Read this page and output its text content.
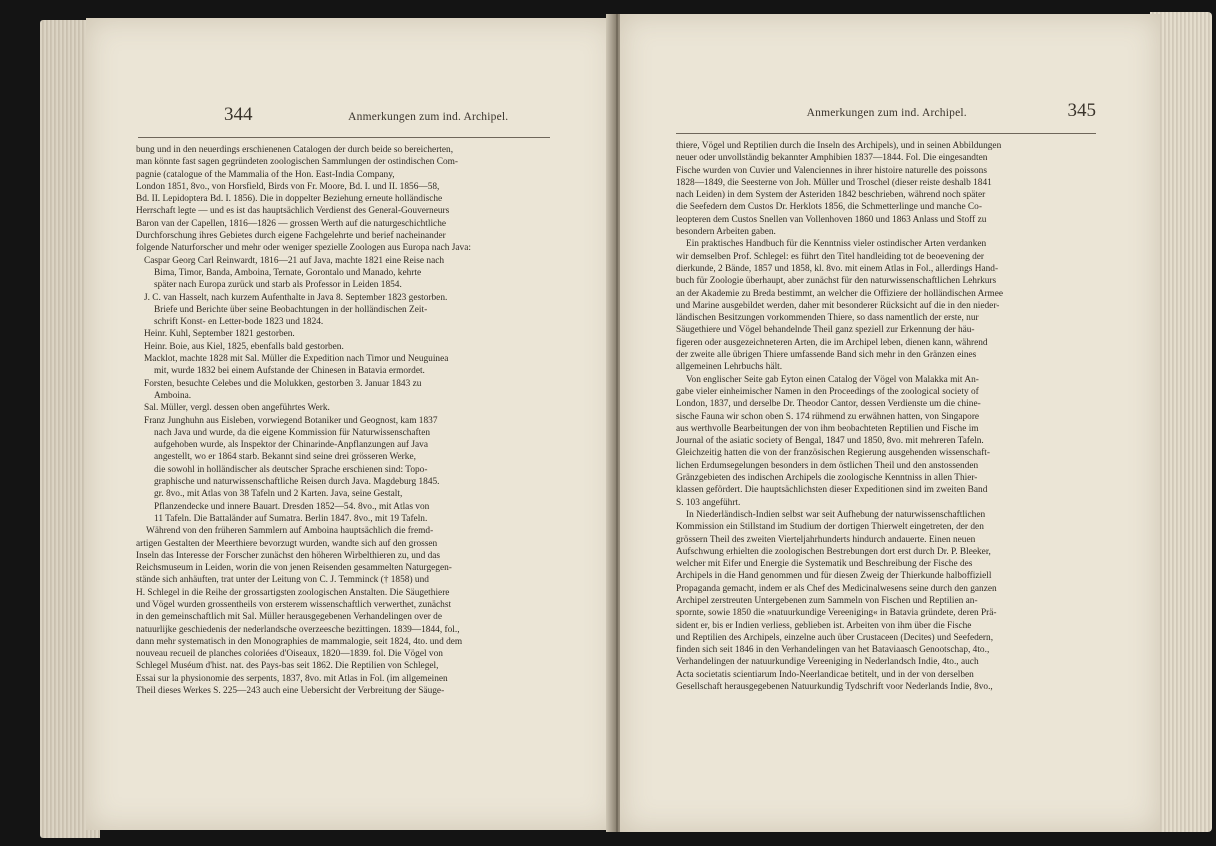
344	Anmerkungen zum ind. Archipel.
bung und in den neuerdings erschienenen Catalogen der durch beide so bereicherten,
man könnte fast sagen gegründeten zoologischen Sammlungen der ostindischen Com-
pagnie (catalogue of the Mammalia of the Hon. East-India Company,
London 1851, 8vo., von Horsfield, Birds von Fr. Moore, Bd. I. und II. 1856—58,
Bd. II. Lepidoptera Bd. I. 1856). Die in doppelter Beziehung erneute holländische
Herrschaft legte — und es ist das hauptsächlich Verdienst des General-Gouverneurs
Baron van der Capellen, 1816—1826 — grossen Werth auf die naturgeschichtliche
Durchforschung ihres Gebietes durch eigene Fachgelehrte und berief nacheinander
folgende Naturforscher und mehr oder weniger spezielle Zoologen aus Europa nach Java:
Caspar Georg Carl Reinwardt, 1816—21 auf Java, machte 1821 eine Reise nach
Bima, Timor, Banda, Amboina, Ternate, Gorontalo und Manado, kehrte
später nach Europa zurück und starb als Professor in Leiden 1854.
J. C. van Hasselt, nach kurzem Aufenthalte in Java 8. September 1823 gestorben.
Briefe und Berichte über seine Beobachtungen in der holländischen Zeit-
schrift Konst- en Letter-bode 1823 und 1824.
Heinr. Kuhl, September 1821 gestorben.
Heinr. Boie, aus Kiel, 1825, ebenfalls bald gestorben.
Macklot, machte 1828 mit Sal. Müller die Expedition nach Timor und Neuguinea
mit, wurde 1832 bei einem Aufstande der Chinesen in Batavia ermordet.
Forsten, besuchte Celebes und die Molukken, gestorben 3. Januar 1843 zu
Amboina.
Sal. Müller, vergl. dessen oben angeführtes Werk.
Franz Junghuhn aus Eisleben, vorwiegend Botaniker und Geognost, kam 1837
nach Java und wurde, da die eigene Kommission für Naturwissenschaften
aufgehoben wurde, als Inspektor der Chinarinde-Anpflanzungen auf Java
angestellt, wo er 1864 starb. Bekannt sind seine drei grösseren Werke,
die sowohl in holländischer als deutscher Sprache erschienen sind: Topo-
graphische und naturwissenschaftliche Reisen durch Java. Magdeburg 1845.
gr. 8vo., mit Atlas von 38 Tafeln und 2 Karten. Java, seine Gestalt,
Pflanzendecke und innere Bauart. Dresden 1852—54. 8vo., mit Atlas von
11 Tafeln. Die Battaländer auf Sumatra. Berlin 1847. 8vo., mit 19 Tafeln.
Während von den früheren Sammlern auf Amboina hauptsächlich die fremd-
artigen Gestalten der Meerthiere bevorzugt wurden, wandte sich auf den grossen
Inseln das Interesse der Forscher zunächst den höheren Wirbelthieren zu, und das
Reichsmuseum in Leiden, worin die von jenen Reisenden gesammelten Naturgegen-
stände sich anhäuften, trat unter der Leitung von C. J. Temminck († 1858) und
H. Schlegel in die Reihe der grossartigsten zoologischen Anstalten. Die Säugethiere
und Vögel wurden grossentheils von ersterem wissenschaftlich verwerthet, zunächst
in den gemeinschaftlich mit Sal. Müller herausgegebenen Verhandelingen over de
natuurlijke geschiedenis der nederlandsche overzeesche bezittingen. 1839—1844, fol.,
dann mehr systematisch in den Monographies de mammalogie, seit 1824, 4to. und dem
nouveau recueil de planches coloriées d'Oiseaux, 1820—1839. fol. Die Vögel von
Schlegel Muséum d'hist. nat. des Pays-bas seit 1862. Die Reptilien von Schlegel,
Essai sur la physionomie des serpents, 1837, 8vo. mit Atlas in Fol. (im allgemeinen
Theil dieses Werkes S. 225—243 auch eine Uebersicht der Verbreitung der Säuge-
Anmerkungen zum ind. Archipel.	345
thiere, Vögel und Reptilien durch die Inseln des Archipels), und in seinen Abbildungen
neuer oder unvollständig bekannter Amphibien 1837—1844. Fol. Die eingesandten
Fische wurden von Cuvier und Valenciennes in ihrer histoire naturelle des poissons
1828—1849, die Seesterne von Joh. Müller und Troschel (dieser reiste deshalb 1841
nach Leiden) in dem System der Asteriden 1842 beschrieben, während noch später
die Seefedern dem Custos Dr. Herklots 1856, die Schmetterlinge und manche Co-
leopteren dem Custos Snellen van Vollenhoven 1860 und 1863 Anlass und Stoff zu
besondern Arbeiten gaben.
Ein praktisches Handbuch für die Kenntniss vieler ostindischer Arten verdanken
wir demselben Prof. Schlegel: es führt den Titel handleiding tot de beoevening der
dierkunde, 2 Bände, 1857 und 1858, kl. 8vo. mit einem Atlas in Fol., allerdings Hand-
buch für Zoologie überhaupt, aber zunächst für den naturwissenschaftlichen Lehrkurs
an der Akademie zu Breda bestimmt, an welcher die Offiziere der holländischen Armee
und Marine ausgebildet werden, daher mit besonderer Rücksicht auf die in den nieder-
ländischen Besitzungen vorkommenden Thiere, so dass namentlich der erste, nur
Säugethiere und Vögel behandelnde Theil ganz speziell zur Erkennung der häu-
figeren oder ausgezeichneteren Arten, die im Archipel leben, dienen kann, während
der zweite alle übrigen Thiere umfassende Band sich mehr in den Gränzen eines
allgemeinen Lehrbuchs hält.
Von englischer Seite gab Eyton einen Catalog der Vögel von Malakka mit An-
gabe vieler einheimischer Namen in den Proceedings of the zoological society of
London, 1837, und derselbe Dr. Theodor Cantor, dessen Verdienste um die chine-
sische Fauna wir schon oben S. 174 rühmend zu erwähnen hatten, von Singapore
aus werthvolle Bearbeitungen der von ihm beobachteten Reptilien und Fische im
Journal of the asiatic society of Bengal, 1847 und 1850, 8vo. mit mehreren Tafeln.
Gleichzeitig hatten die von der französischen Regierung ausgehenden wissenschaft-
lichen Erdumsegelungen besonders in dem östlichen Theil und den anstossenden
Gränzgebieten des indischen Archipels die zoologische Kenntniss in allen Thier-
klassen gefördert. Die hauptsächlichsten dieser Expeditionen sind im zweiten Band
S. 103 angeführt.
In Niederländisch-Indien selbst war seit Aufhebung der naturwissenschaftlichen
Kommission ein Stillstand im Studium der dortigen Thierwelt eingetreten, der den
grössern Theil des zweiten Vierteljahrhunderts hindurch andauerte. Einen neuen
Aufschwung erhielten die zoologischen Bestrebungen dort erst durch Dr. P. Bleeker,
welcher mit Eifer und Energie die Systematik und Beschreibung der Fische des
Archipels in die Hand genommen und für diesen Zweig der Thierkunde halboffiziell
Propaganda gemacht, indem er als Chef des Medicinalwesens seine durch den ganzen
Archipel zerstreuten Untergebenen zum Sammeln von Fischen und Reptilien an-
spornte, sowie 1850 die »natuurkundige Vereeniging« in Batavia gründete, deren Prä-
sident er, bis er Indien verliess, geblieben ist. Arbeiten von ihm über die Fische
und Reptilien des Archipels, einzelne auch über Crustaceen (Decites) und Seefedern,
finden sich seit 1846 in den Verhandelingen van het Bataviaasch Genootschap, 4to.,
Verhandelingen der natuurkundige Vereeniging in Nederlandsch Indie, 4to., auch
Acta societatis scientiarum Indo-Neerlandicae betitelt, und in der von derselben
Gesellschaft herausgegebenen Natuurkundig Tydschrift voor Nederlands Indie, 8vo.,
